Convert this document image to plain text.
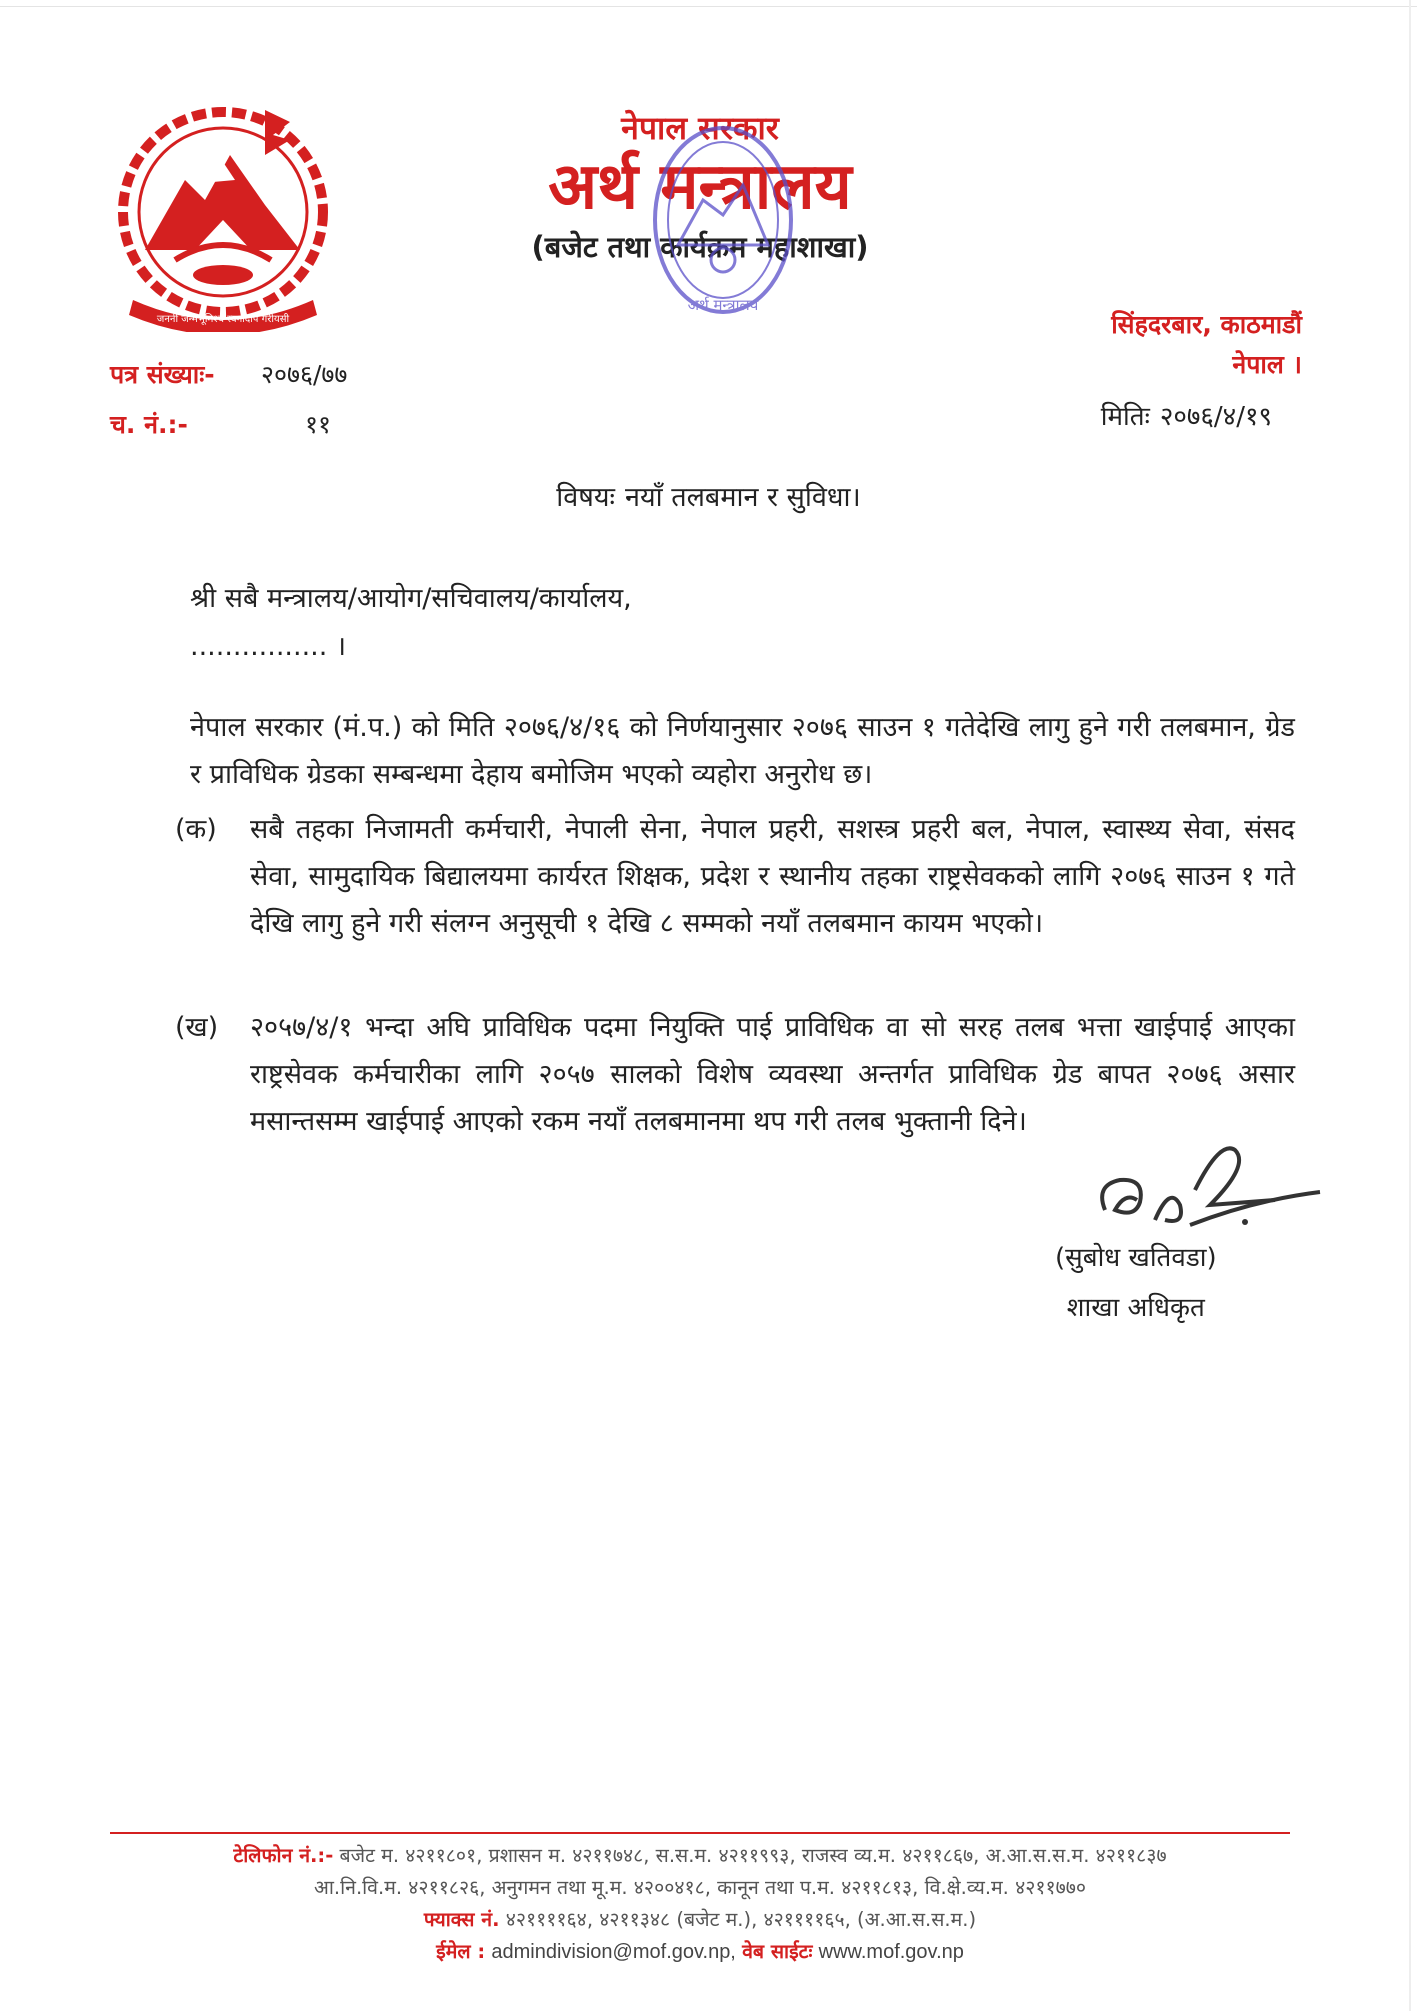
जननी जन्मभूमिश्च स्वर्गादपि गरीयसी
नेपाल सरकार
अर्थ मन्त्रालय
(बजेट तथा कार्यक्रम महाशाखा)
अर्थ मन्त्रालय
सिंहदरबार, काठमाडौं
नेपाल ।
मितिः २०७६/४/१९
पत्र संख्याः- २०७६/७७
च. नं.:-	११
विषयः नयाँ तलबमान र सुविधा।
श्री सबै मन्त्रालय/आयोग/सचिवालय/कार्यालय,
................ ।
नेपाल सरकार (मं.प.) को मिति २०७६/४/१६ को निर्णयानुसार २०७६ साउन १ गतेदेखि लागु हुने गरी तलबमान, ग्रेड र प्राविधिक ग्रेडका सम्बन्धमा देहाय बमोजिम भएको व्यहोरा अनुरोध छ।
(क) सबै तहका निजामती कर्मचारी, नेपाली सेना, नेपाल प्रहरी, सशस्त्र प्रहरी बल, नेपाल, स्वास्थ्य सेवा, संसद सेवा, सामुदायिक बिद्यालयमा कार्यरत शिक्षक, प्रदेश र स्थानीय तहका राष्ट्रसेवकको लागि २०७६ साउन १ गते देखि लागु हुने गरी संलग्न अनुसूची १ देखि ८ सम्मको नयाँ तलबमान कायम भएको।
(ख) २०५७/४/१ भन्दा अघि प्राविधिक पदमा नियुक्ति पाई प्राविधिक वा सो सरह तलब भत्ता खाईपाई आएका राष्ट्रसेवक कर्मचारीका लागि २०५७ सालको विशेष व्यवस्था अन्तर्गत प्राविधिक ग्रेड बापत २०७६ असार मसान्तसम्म खाईपाई आएको रकम नयाँ तलबमानमा थप गरी तलब भुक्तानी दिने।
(सुबोध खतिवडा)
शाखा अधिकृत
टेलिफोन नं.:- बजेट म. ४२११८०१, प्रशासन म. ४२११७४८, स.स.म. ४२११९९३, राजस्व व्य.म. ४२११८६७, अ.आ.स.स.म. ४२११८३७
आ.नि.वि.म. ४२११८२६, अनुगमन तथा मू.म. ४२००४१८, कानून तथा प.म. ४२११८१३, वि.क्षे.व्य.म. ४२११७७०
फ्याक्स नं. ४२११११६४, ४२११३४८ (बजेट म.), ४२११११६५, (अ.आ.स.स.म.)
ईमेल : admindivision@mof.gov.np, वेब साईटः www.mof.gov.np
